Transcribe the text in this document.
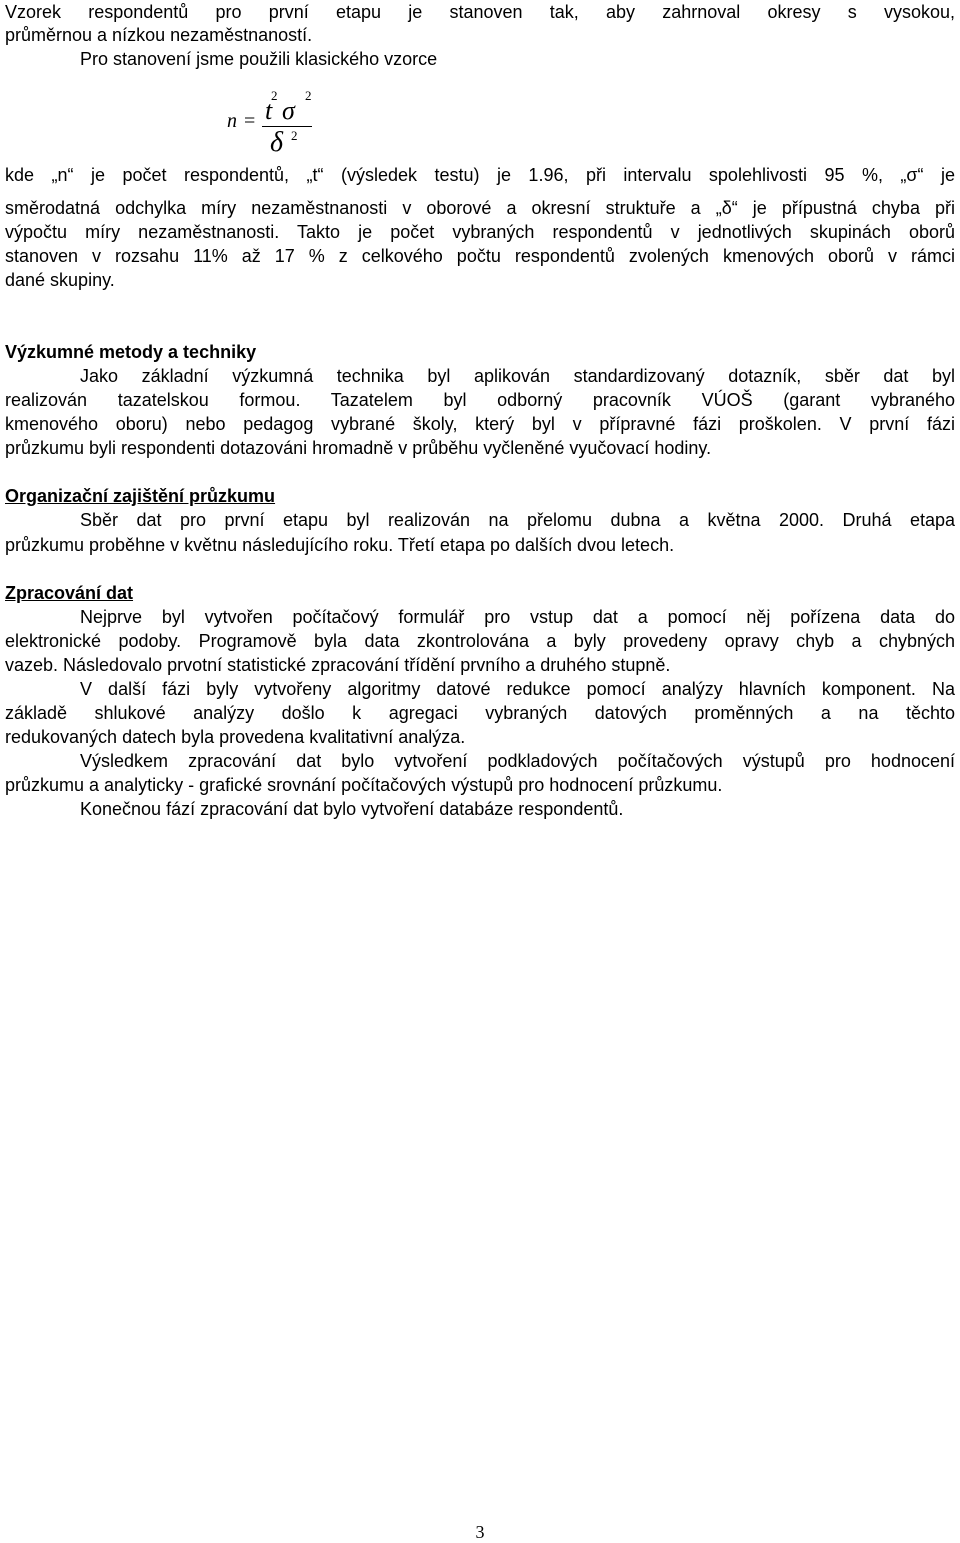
Vzorek respondentů pro první etapu je stanoven tak, aby zahrnoval okresy s vysokou,
průměrnou a nízkou nezaměstnaností.
Pro stanovení jsme použili klasického vzorce
n = t
2
σ
2
δ 2
kde „n“ je počet respondentů, „t“ (výsledek testu) je 1.96, při intervalu spolehlivosti 95 %, „σ“ je
směrodatná odchylka míry nezaměstnanosti v oborové a okresní struktuře a „δ“ je přípustná chyba při
výpočtu míry nezaměstnanosti. Takto je počet vybraných respondentů v jednotlivých skupinách oborů
stanoven v rozsahu 11% až 17 % z celkového počtu respondentů zvolených kmenových oborů v rámci
dané skupiny.
Výzkumné metody a techniky
Jako základní výzkumná technika byl aplikován standardizovaný dotazník, sběr dat byl
realizován tazatelskou formou. Tazatelem byl odborný pracovník VÚOŠ (garant vybraného
kmenového oboru) nebo pedagog vybrané školy, který byl v přípravné fázi proškolen. V první fázi
průzkumu byli respondenti dotazováni hromadně v průběhu vyčleněné vyučovací hodiny.
Organizační zajištění průzkumu
Sběr dat pro první etapu byl realizován na přelomu dubna a května 2000. Druhá etapa
průzkumu proběhne v květnu následujícího roku. Třetí etapa po dalších dvou letech.
Zpracování dat
Nejprve byl vytvořen počítačový formulář pro vstup dat a pomocí něj pořízena data do
elektronické podoby. Programově byla data zkontrolována a byly provedeny opravy chyb a chybných
vazeb. Následovalo prvotní statistické zpracování třídění prvního a druhého stupně.
V další fázi byly vytvořeny algoritmy datové redukce pomocí analýzy hlavních komponent. Na
základě shlukové analýzy došlo k agregaci vybraných datových proměnných a na těchto
redukovaných datech byla provedena kvalitativní analýza.
Výsledkem zpracování dat bylo vytvoření podkladových počítačových výstupů pro hodnocení
průzkumu a analyticky - grafické srovnání počítačových výstupů pro hodnocení průzkumu.
Konečnou fází zpracování dat bylo vytvoření databáze respondentů.
3
